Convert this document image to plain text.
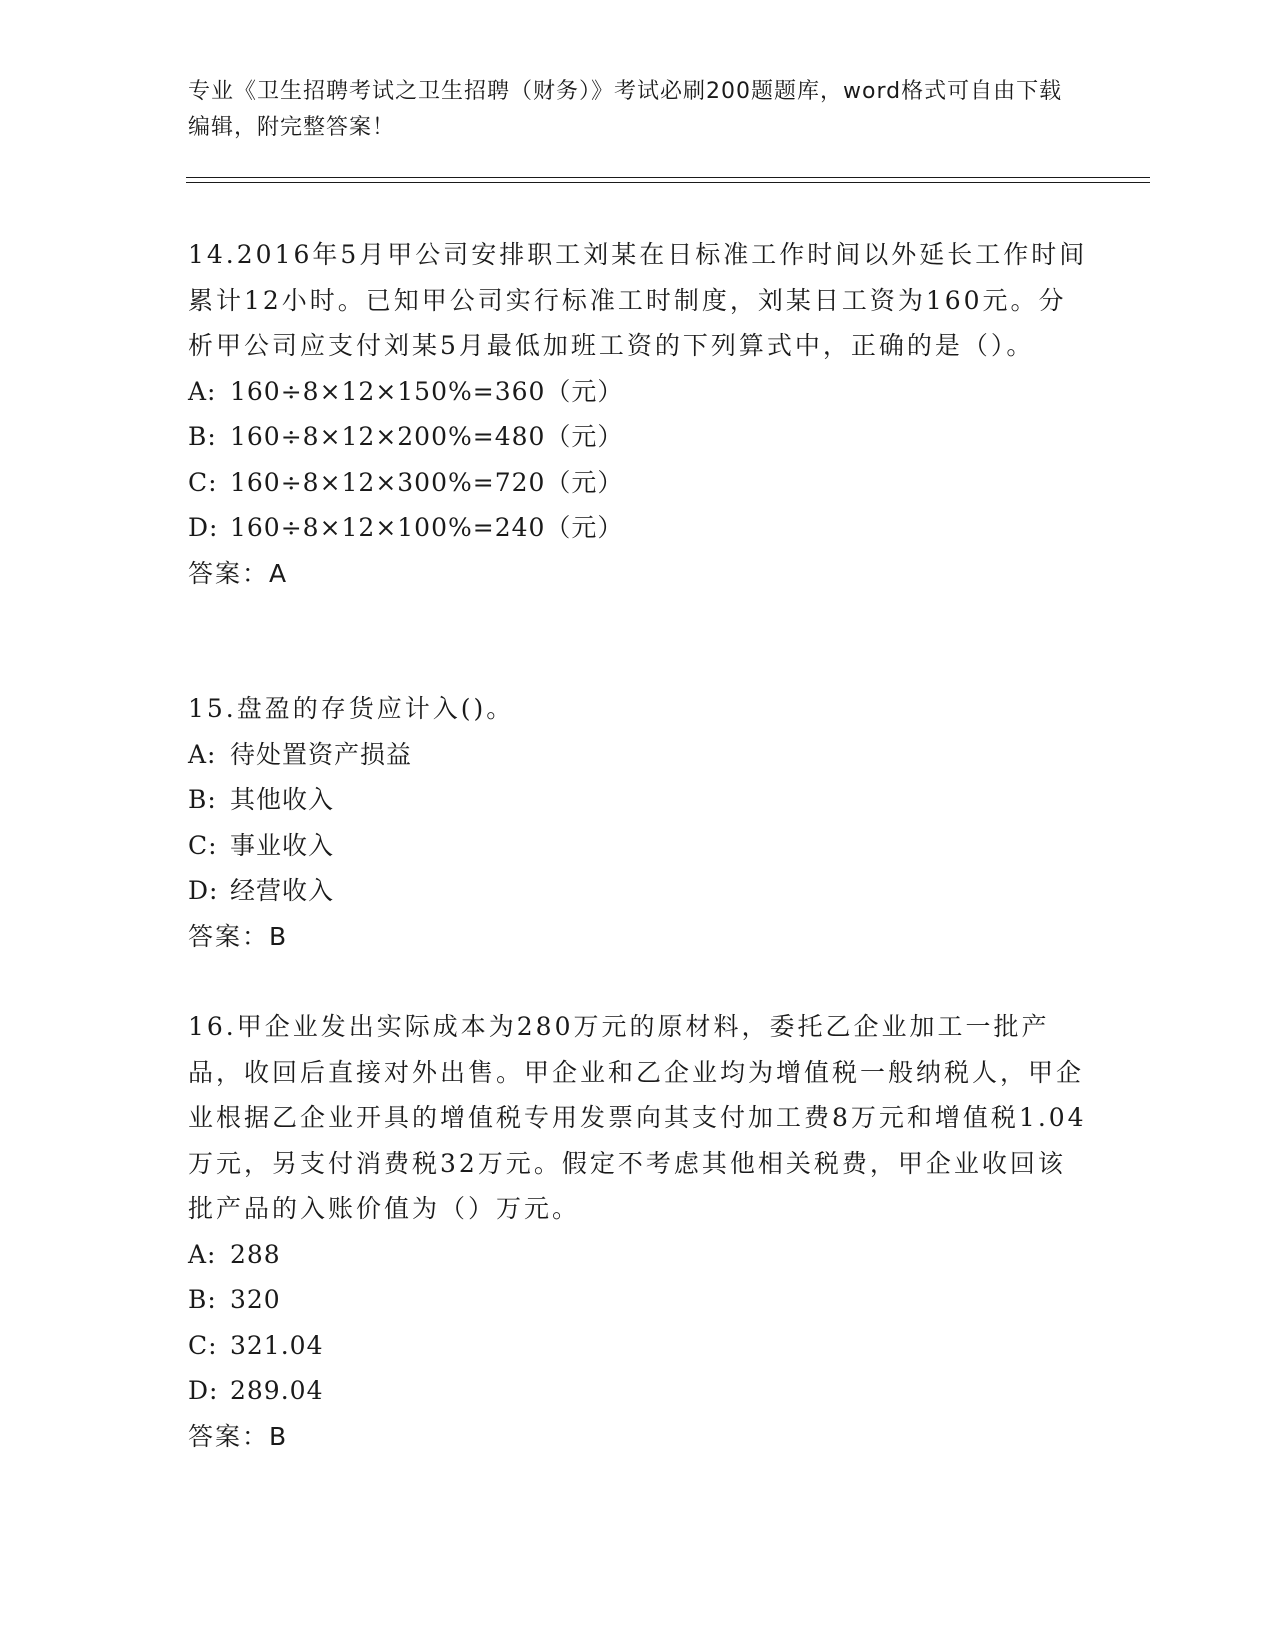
专业《卫生招聘考试之卫生招聘（财务）》考试必刷200题题库，word格式可自由下载编辑，附完整答案！

14.2016年5月甲公司安排职工刘某在日标准工作时间以外延长工作时间累计12小时。已知甲公司实行标准工时制度，刘某日工资为160元。分析甲公司应支付刘某5月最低加班工资的下列算式中，正确的是（）。

A: 160÷8×12×150%=360（元）

B: 160÷8×12×200%=480（元）

C: 160÷8×12×300%=720（元）

D: 160÷8×12×100%=240（元）

答案：A

15.盘盈的存货应计入()。

A: 待处置资产损益

B: 其他收入

C: 事业收入

D: 经营收入

答案：B

16.甲企业发出实际成本为280万元的原材料，委托乙企业加工一批产品，收回后直接对外出售。甲企业和乙企业均为增值税一般纳税人，甲企业根据乙企业开具的增值税专用发票向其支付加工费8万元和增值税1.04万元，另支付消费税32万元。假定不考虑其他相关税费，甲企业收回该批产品的入账价值为（）万元。

A: 288

B: 320

C: 321.04

D: 289.04

答案：B
